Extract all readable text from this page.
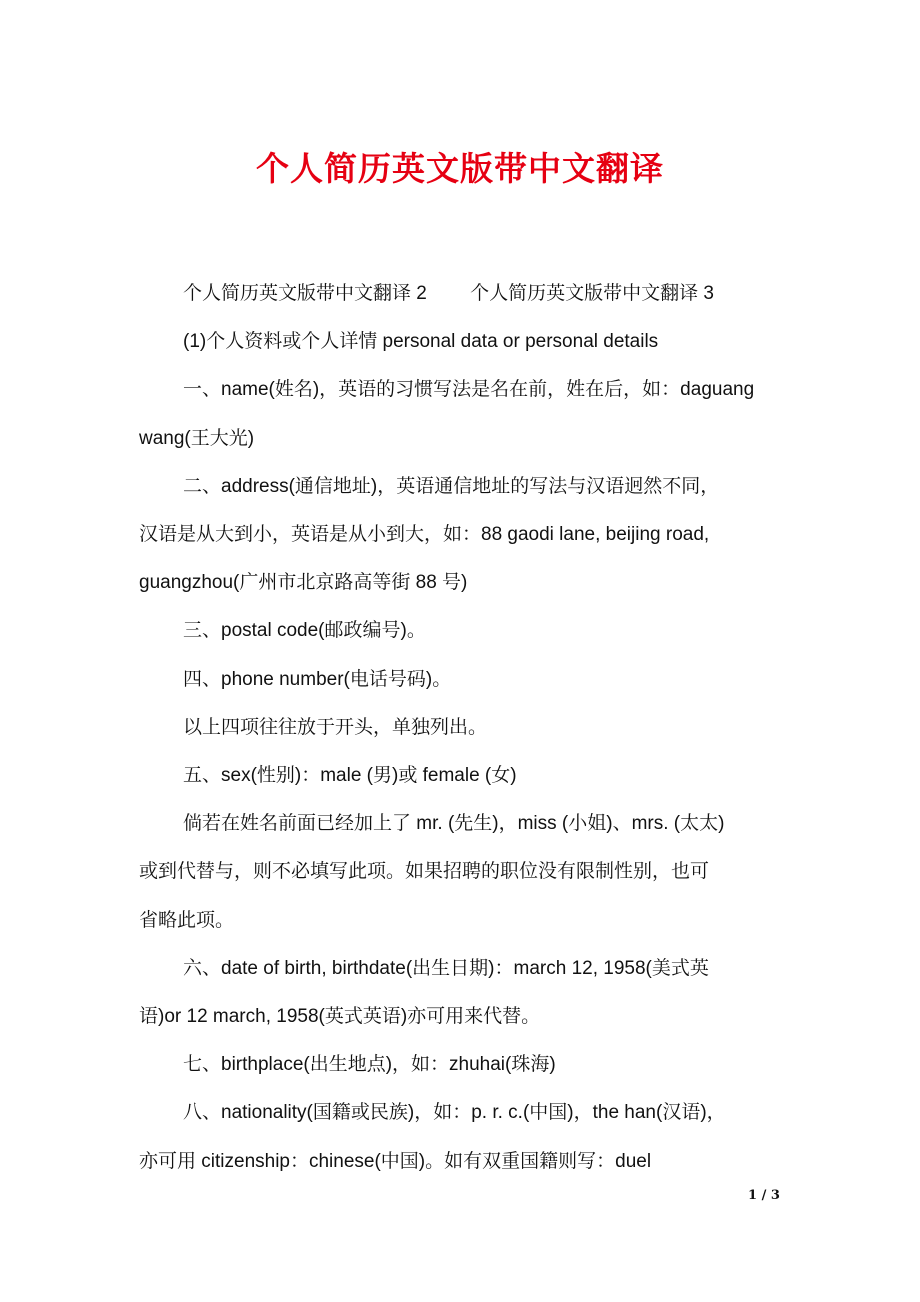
个人简历英文版带中文翻译
个人简历英文版带中文翻译 2　　 个人简历英文版带中文翻译 3
(1)个人资料或个人详情 personal data or personal details
一、name(姓名)，英语的习惯写法是名在前，姓在后，如：daguang
wang(王大光)
二、address(通信地址)，英语通信地址的写法与汉语迥然不同，
汉语是从大到小，英语是从小到大，如：88 gaodi lane, beijing road,
guangzhou(广州市北京路高等街 88 号)
三、postal code(邮政编号)。
四、phone number(电话号码)。
以上四项往往放于开头，单独列出。
五、sex(性别)：male (男)或 female (女)
倘若在姓名前面已经加上了 mr. (先生)，miss (小姐)、mrs. (太太)
或到代替与，则不必填写此项。如果招聘的职位没有限制性别，也可
省略此项。
六、date of birth, birthdate(出生日期)：march 12, 1958(美式英
语)or 12 march, 1958(英式英语)亦可用来代替。
七、birthplace(出生地点)，如：zhuhai(珠海)
八、nationality(国籍或民族)，如：p. r. c.(中国)，the han(汉语)，
亦可用 citizenship：chinese(中国)。如有双重国籍则写：duel
1 / 3
